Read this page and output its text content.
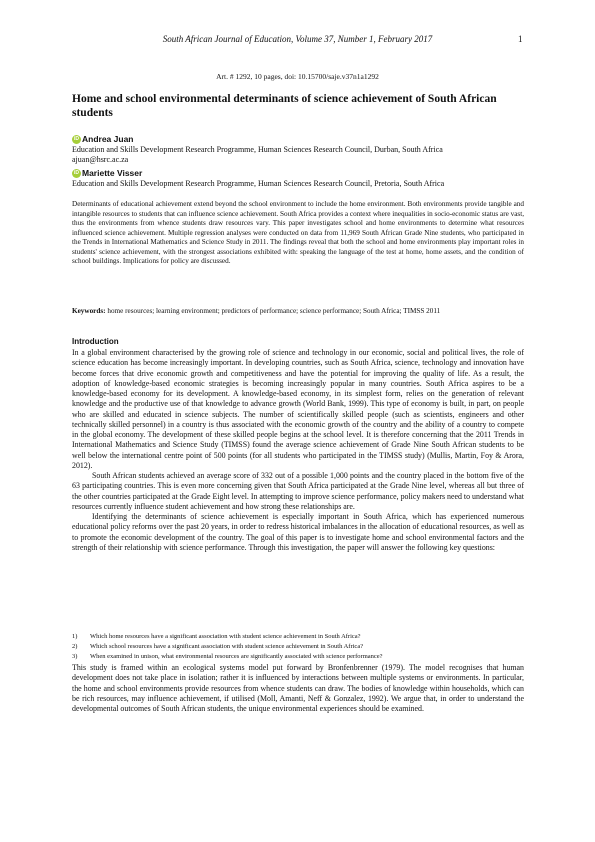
South African Journal of Education, Volume 37, Number 1, February 2017	1
Art. # 1292, 10 pages, doi: 10.15700/saje.v37n1a1292
Home and school environmental determinants of science achievement of South African students
iD Andrea Juan
Education and Skills Development Research Programme, Human Sciences Research Council, Durban, South Africa
ajuan@hsrc.ac.za
iD Mariette Visser
Education and Skills Development Research Programme, Human Sciences Research Council, Pretoria, South Africa
Determinants of educational achievement extend beyond the school environment to include the home environment. Both environments provide tangible and intangible resources to students that can influence science achievement. South Africa provides a context where inequalities in socio-economic status are vast, thus the environments from whence students draw resources vary. This paper investigates school and home environments to determine what resources influenced science achievement. Multiple regression analyses were conducted on data from 11,969 South African Grade Nine students, who participated in the Trends in International Mathematics and Science Study in 2011. The findings reveal that both the school and home environments play important roles in students' science achievement, with the strongest associations exhibited with: speaking the language of the test at home, home assets, and the condition of school buildings. Implications for policy are discussed.
Keywords: home resources; learning environment; predictors of performance; science performance; South Africa; TIMSS 2011
Introduction

In a global environment characterised by the growing role of science and technology in our economic, social and political lives, the role of science education has become increasingly important. In developing countries, such as South Africa, science, technology and innovation have become forces that drive economic growth and competitiveness and have the potential for improving the quality of life. As a result, the adoption of knowledge-based economic strategies is becoming increasingly popular in many countries. South Africa aspires to be a knowledge-based economy for its development. A knowledge-based economy, in its simplest form, relies on the generation of relevant knowledge and the productive use of that knowledge to advance growth (World Bank, 1999). This type of economy is built, in part, on people who are skilled and educated in science subjects. The number of scientifically skilled people (such as scientists, engineers and other technically skilled personnel) in a country is thus associated with the economic growth of the country and the ability of a country to compete in the global economy. The development of these skilled people begins at the school level. It is therefore concerning that the 2011 Trends in International Mathematics and Science Study (TIMSS) found the average science achievement of Grade Nine South African students to be well below the international centre point of 500 points (for all students who participated in the TIMSS study) (Mullis, Martin, Foy & Arora, 2012).

South African students achieved an average score of 332 out of a possible 1,000 points and the country placed in the bottom five of the 63 participating countries. This is even more concerning given that South Africa participated at the Grade Nine level, whereas all but three of the other countries participated at the Grade Eight level. In attempting to improve science performance, policy makers need to understand what resources currently influence student achievement and how strong these relationships are.

Identifying the determinants of science achievement is especially important in South Africa, which has experienced numerous educational policy reforms over the past 20 years, in order to redress historical imbalances in the allocation of educational resources, as well as to promote the economic development of the country. The goal of this paper is to investigate home and school environmental factors and the strength of their relationship with science performance. Through this investigation, the paper will answer the following key questions:

1)	Which home resources have a significant association with student science achievement in South Africa?
2)	Which school resources have a significant association with student science achievement in South Africa?
3)	When examined in unison, what environmental resources are significantly associated with science performance?

This study is framed within an ecological systems model put forward by Bronfenbrenner (1979). The model recognises that human development does not take place in isolation; rather it is influenced by interactions between multiple systems or environments. In particular, the home and school environments provide resources from whence students can draw. The bodies of knowledge within households, which can be rich resources, may influence achievement, if utilised (Moll, Amanti, Neff & Gonzalez, 1992). We argue that, in order to understand the developmental outcomes of South African students, the unique environmental experiences should be examined.
